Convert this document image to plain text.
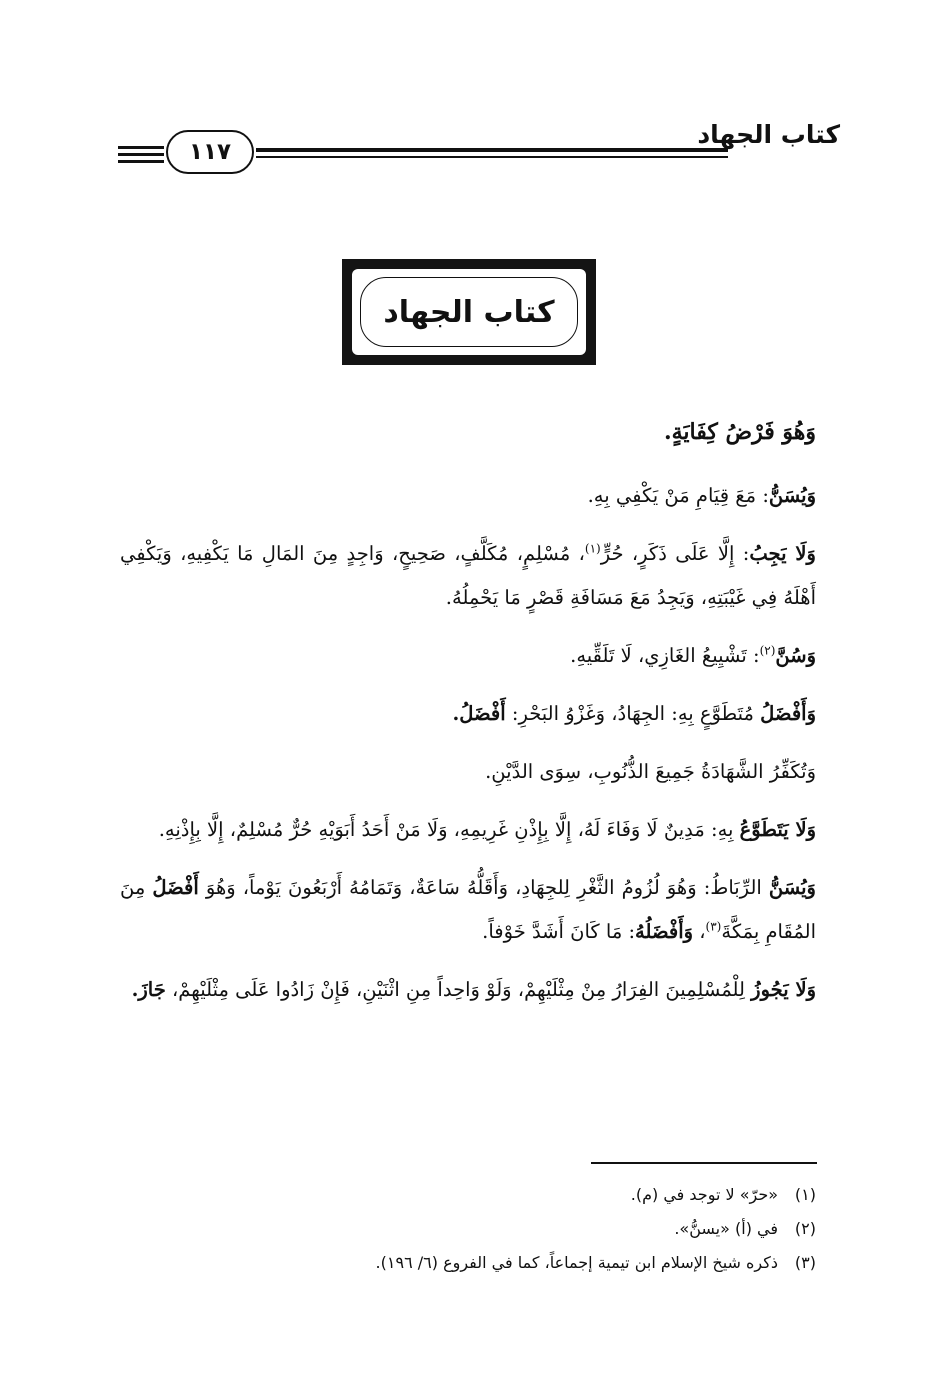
١١٧
كتاب الجهاد
كتاب الجهاد

وَهُوَ فَرْضُ كِفَايَةٍ.

وَيُسَنُّ: مَعَ قِيَامِ مَنْ يَكْفِي بِهِ.

وَلَا يَجِبُ: إِلَّا عَلَى ذَكَرٍ، حُرٍّ$^{(١)}$، مُسْلِمٍ، مُكَلَّفٍ، صَحِيحٍ، وَاجِدٍ مِنَ المَالِ مَا يَكْفِيهِ، وَيَكْفِي أَهْلَهُ فِي غَيْبَتِهِ، وَيَجِدُ مَعَ مَسَافَةِ قَصْرٍ مَا يَحْمِلُهُ.

وَسُنَّ$^{(٢)}$: تَشْيِيعُ الغَازِي، لَا تَلَقِّيهِ.

وَأَفْضَلُ مُتَطَوَّعٍ بِهِ: الجِهَادُ، وَغَزْوُ البَحْرِ: أَفْضَلُ.

وَتُكَفِّرُ الشَّهَادَةُ جَمِيعَ الذُّنُوبِ، سِوَى الدَّيْنِ.

وَلَا يَتَطَوَّعُ بِهِ: مَدِينٌ لَا وَفَاءَ لَهُ، إِلَّا بِإِذْنِ غَرِيمِهِ، وَلَا مَنْ أَحَدُ أَبَوَيْهِ حُرٌّ مُسْلِمٌ، إِلَّا بِإِذْنِهِ.

وَيُسَنُّ الرِّبَاطُ: وَهُوَ لُزُومُ الثَّغْرِ لِلجِهَادِ، وَأَقَلُّهُ سَاعَةٌ، وَتَمَامُهُ أَرْبَعُونَ يَوْماً، وَهُوَ أَفْضَلُ مِنَ المُقَامِ بِمَكَّةَ$^{(٣)}$، وَأَفْضَلُهُ: مَا كَانَ أَشَدَّ خَوْفاً.

وَلَا يَجُوزُ لِلْمُسْلِمِينَ الفِرَارُ مِنْ مِثْلَيْهِمْ، وَلَوْ وَاحِداً مِنِ اثْنَيْنِ، فَإِنْ زَادُوا عَلَى مِثْلَيْهِمْ، جَازَ.

(١)«حرّ» لا توجد في (م).
(٢)في (أ) «يسنُّ».
(٣)ذكره شيخ الإسلام ابن تيمية إجماعاً، كما في الفروع (٦/ ١٩٦).
